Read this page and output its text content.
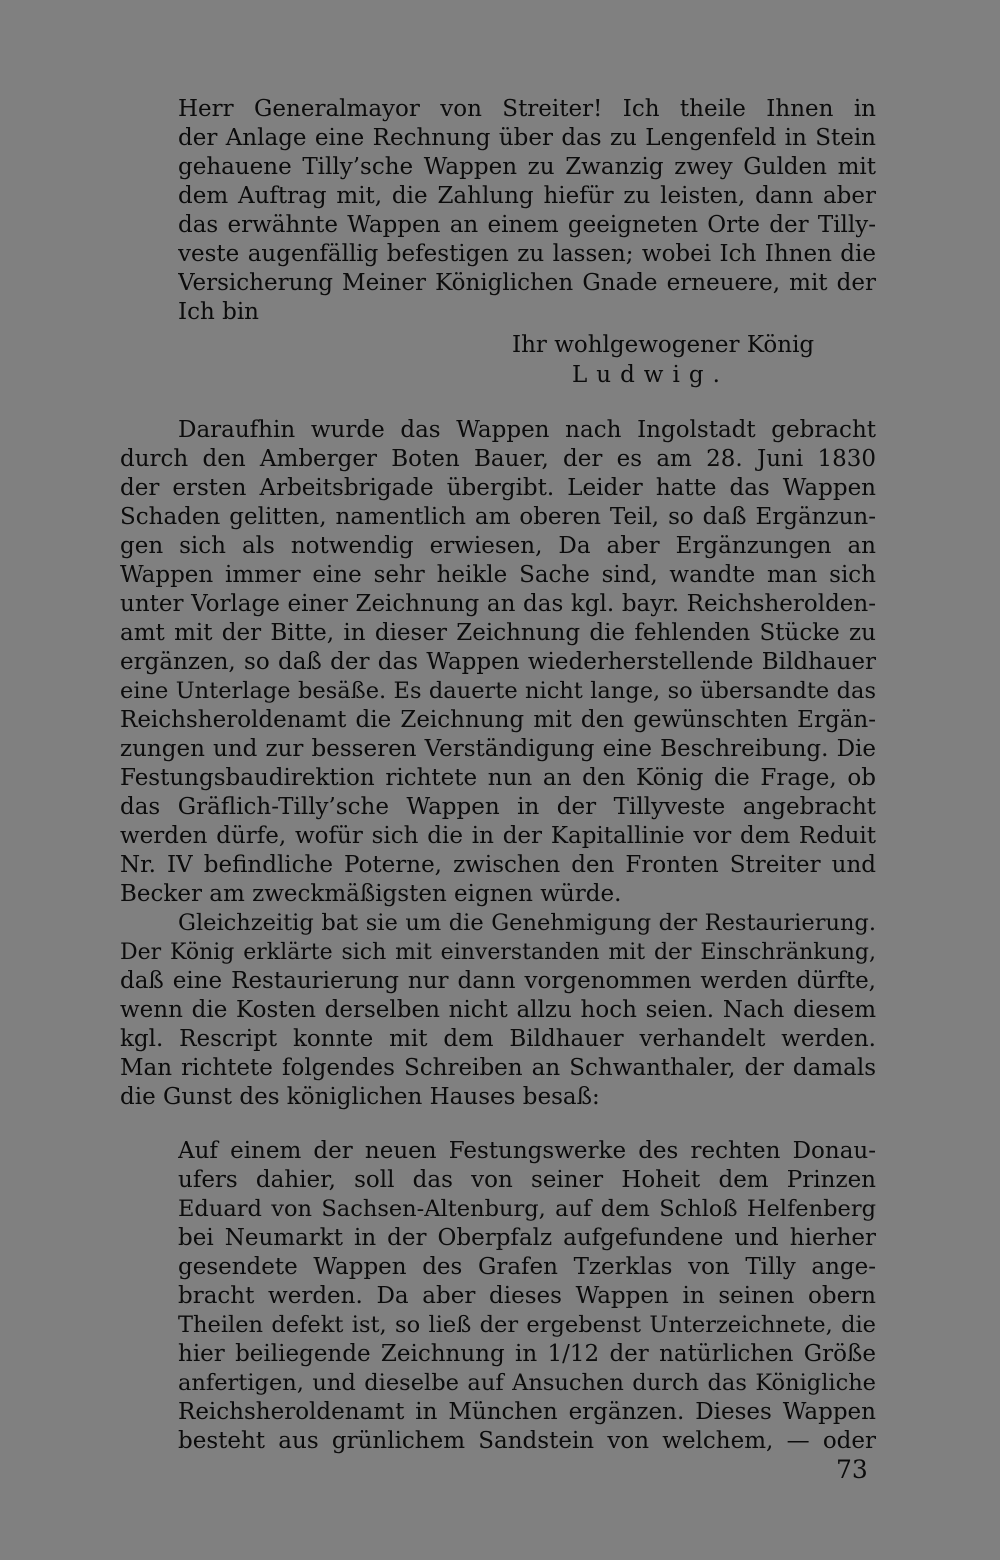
Herr Generalmayor von Streiter! Ich theile Ihnen in
der Anlage eine Rechnung über das zu Lengenfeld in Stein
gehauene Tilly’sche Wappen zu Zwanzig zwey Gulden mit
dem Auftrag mit, die Zahlung hiefür zu leisten, dann aber
das erwähnte Wappen an einem geeigneten Orte der Tilly-
veste augenfällig befestigen zu lassen; wobei Ich Ihnen die
Versicherung Meiner Königlichen Gnade erneuere, mit der
Ich bin
Ihr wohlgewogener König
Ludwig.
Daraufhin wurde das Wappen nach Ingolstadt gebracht
durch den Amberger Boten Bauer, der es am 28. Juni 1830
der ersten Arbeitsbrigade übergibt. Leider hatte das Wappen
Schaden gelitten, namentlich am oberen Teil, so daß Ergänzun-
gen sich als notwendig erwiesen, Da aber Ergänzungen an
Wappen immer eine sehr heikle Sache sind, wandte man sich
unter Vorlage einer Zeichnung an das kgl. bayr. Reichsherolden-
amt mit der Bitte, in dieser Zeichnung die fehlenden Stücke zu
ergänzen, so daß der das Wappen wiederherstellende Bildhauer
eine Unterlage besäße. Es dauerte nicht lange, so übersandte das
Reichsheroldenamt die Zeichnung mit den gewünschten Ergän-
zungen und zur besseren Verständigung eine Beschreibung. Die
Festungsbaudirektion richtete nun an den König die Frage, ob
das Gräflich-Tilly’sche Wappen in der Tillyveste angebracht
werden dürfe, wofür sich die in der Kapitallinie vor dem Reduit
Nr. IV befindliche Poterne, zwischen den Fronten Streiter und
Becker am zweckmäßigsten eignen würde.
Gleichzeitig bat sie um die Genehmigung der Restaurierung.
Der König erklärte sich mit einverstanden mit der Einschränkung,
daß eine Restaurierung nur dann vorgenommen werden dürfte,
wenn die Kosten derselben nicht allzu hoch seien. Nach diesem
kgl. Rescript konnte mit dem Bildhauer verhandelt werden.
Man richtete folgendes Schreiben an Schwanthaler, der damals
die Gunst des königlichen Hauses besaß:
Auf einem der neuen Festungswerke des rechten Donau-
ufers dahier, soll das von seiner Hoheit dem Prinzen
Eduard von Sachsen-Altenburg, auf dem Schloß Helfenberg
bei Neumarkt in der Oberpfalz aufgefundene und hierher
gesendete Wappen des Grafen Tzerklas von Tilly ange-
bracht werden. Da aber dieses Wappen in seinen obern
Theilen defekt ist, so ließ der ergebenst Unterzeichnete, die
hier beiliegende Zeichnung in 1/12 der natürlichen Größe
anfertigen, und dieselbe auf Ansuchen durch das Königliche
Reichsheroldenamt in München ergänzen. Dieses Wappen
besteht aus grünlichem Sandstein von welchem, — oder
73
